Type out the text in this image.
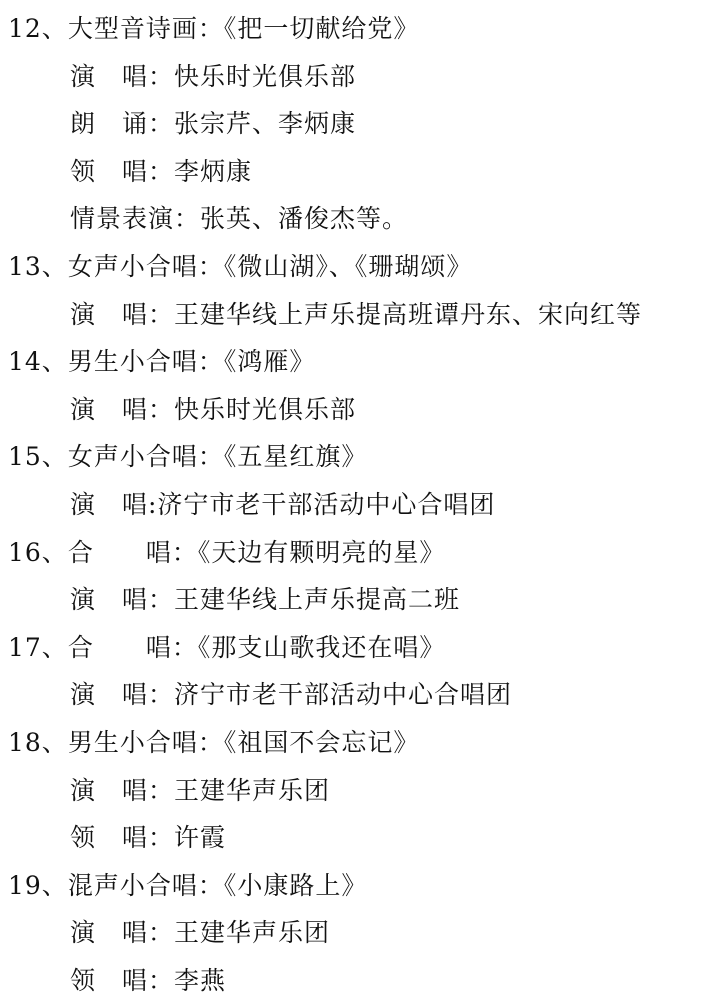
12、大型音诗画：《把一切献给党》
演　唱：快乐时光俱乐部
朗　诵：张宗芹、李炳康
领　唱：李炳康
情景表演：张英、潘俊杰等。
13、女声小合唱：《微山湖》、《珊瑚颂》
演　唱：王建华线上声乐提高班谭丹东、宋向红等
14、男生小合唱：《鸿雁》
演　唱：快乐时光俱乐部
15、女声小合唱：《五星红旗》
演　唱:济宁市老干部活动中心合唱团
16、合　　唱：《天边有颗明亮的星》
演　唱：王建华线上声乐提高二班
17、合　　唱：《那支山歌我还在唱》
演　唱：济宁市老干部活动中心合唱团
18、男生小合唱：《祖国不会忘记》
演　唱：王建华声乐团
领　唱：许霞
19、混声小合唱：《小康路上》
演　唱：王建华声乐团
领　唱：李燕
